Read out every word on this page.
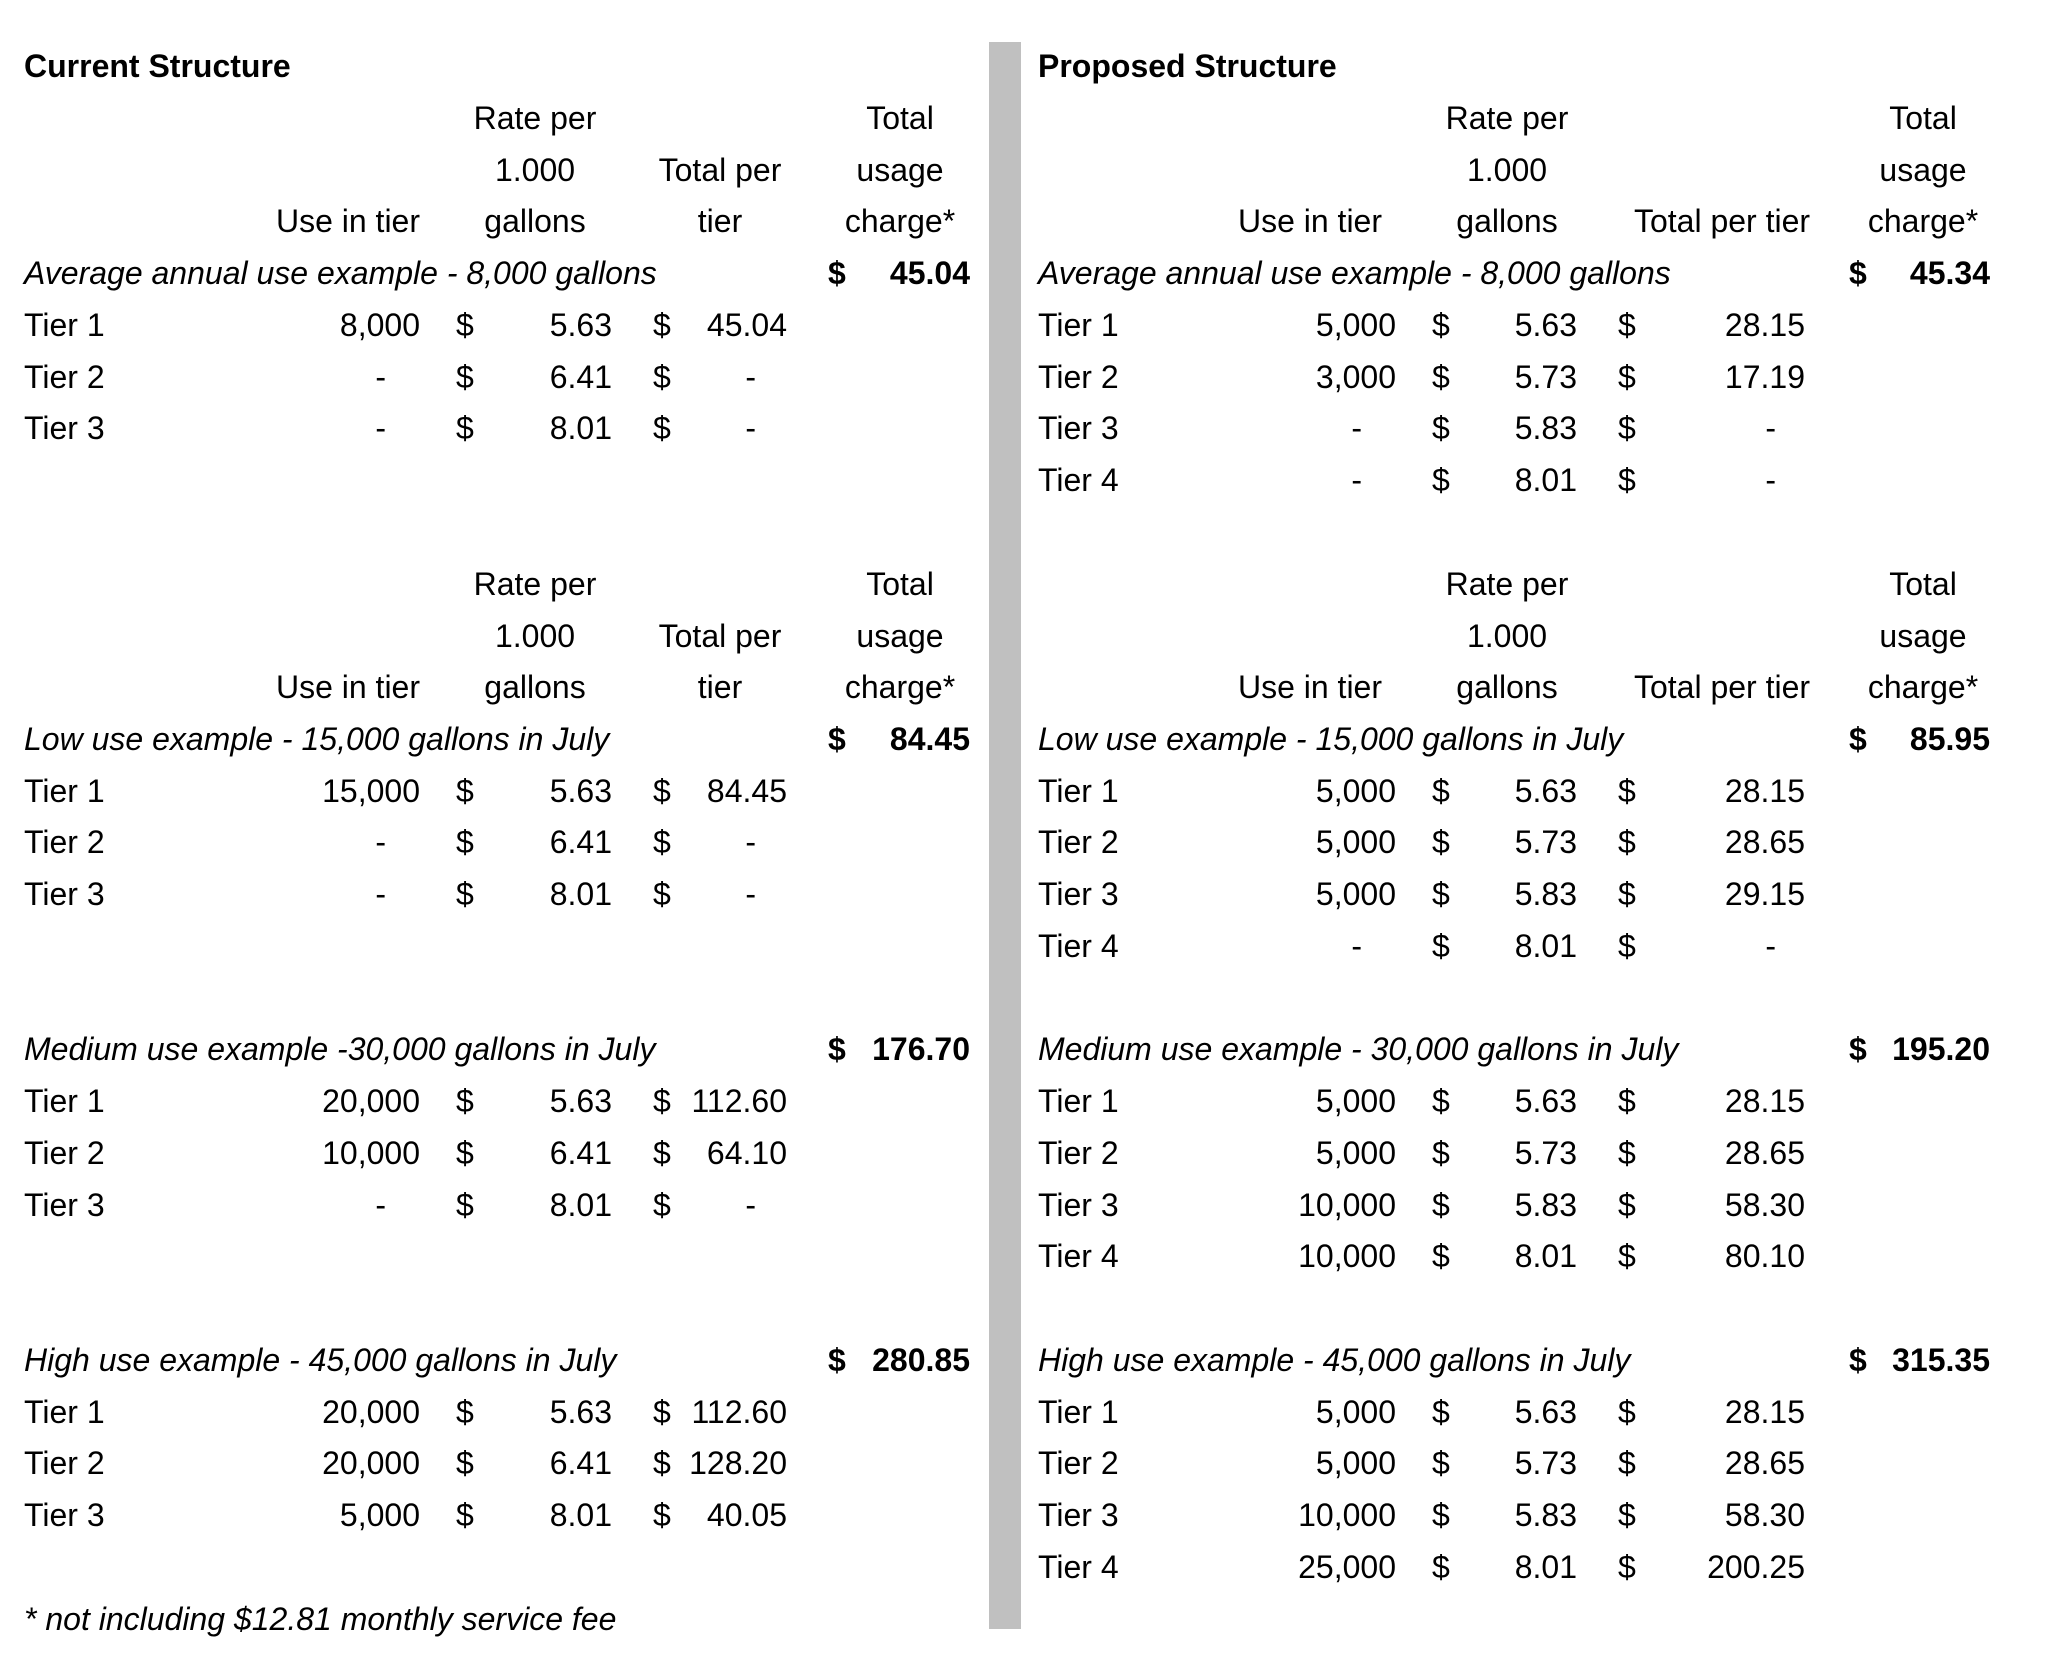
Current Structure
Rate per	Total
1.000	Total per	usage
Use in tier	gallons	tier	charge*
Average annual use example - 8,000 gallons	$	45.04
Tier 1	8,000 $	5.63 $	45.04
Tier 2	- $	6.41 $	-
Tier 3	- $	8.01 $	-
Rate per	Total
1.000	Total per	usage
Use in tier	gallons	tier	charge*
Low use example - 15,000 gallons in July	$	84.45
Tier 1	15,000 $	5.63 $	84.45
Tier 2	- $	6.41 $	-
Tier 3	- $	8.01 $	-
Medium use example -30,000 gallons in July	$ 176.70
Tier 1	20,000 $	5.63 $ 112.60
Tier 2	10,000 $	6.41 $	64.10
Tier 3	- $	8.01 $	-
High use example - 45,000 gallons in July	$ 280.85
Tier 1	20,000 $	5.63 $ 112.60
Tier 2	20,000 $	6.41 $ 128.20
Tier 3	5,000 $	8.01 $	40.05
* not including $12.81 monthly service fee
Proposed Structure
Rate per	Total
1.000	usage
Use in tier	gallons	Total per tier	charge*
Average annual use example - 8,000 gallons	$	45.34
Tier 1	5,000 $	5.63 $	28.15
Tier 2	3,000 $	5.73 $	17.19
Tier 3	- $	5.83 $	-
Tier 4	- $	8.01 $	-
Rate per	Total
1.000	usage
Use in tier	gallons	Total per tier	charge*
Low use example - 15,000 gallons in July	$	85.95
Tier 1	5,000 $	5.63 $	28.15
Tier 2	5,000 $	5.73 $	28.65
Tier 3	5,000 $	5.83 $	29.15
Tier 4	- $	8.01 $	-
Medium use example - 30,000 gallons in July	$ 195.20
Tier 1	5,000 $	5.63 $	28.15
Tier 2	5,000 $	5.73 $	28.65
Tier 3	10,000 $	5.83 $	58.30
Tier 4	10,000 $	8.01 $	80.10
High use example - 45,000 gallons in July	$ 315.35
Tier 1	5,000 $	5.63 $	28.15
Tier 2	5,000 $	5.73 $	28.65
Tier 3	10,000 $	5.83 $	58.30
Tier 4	25,000 $	8.01 $	200.25
